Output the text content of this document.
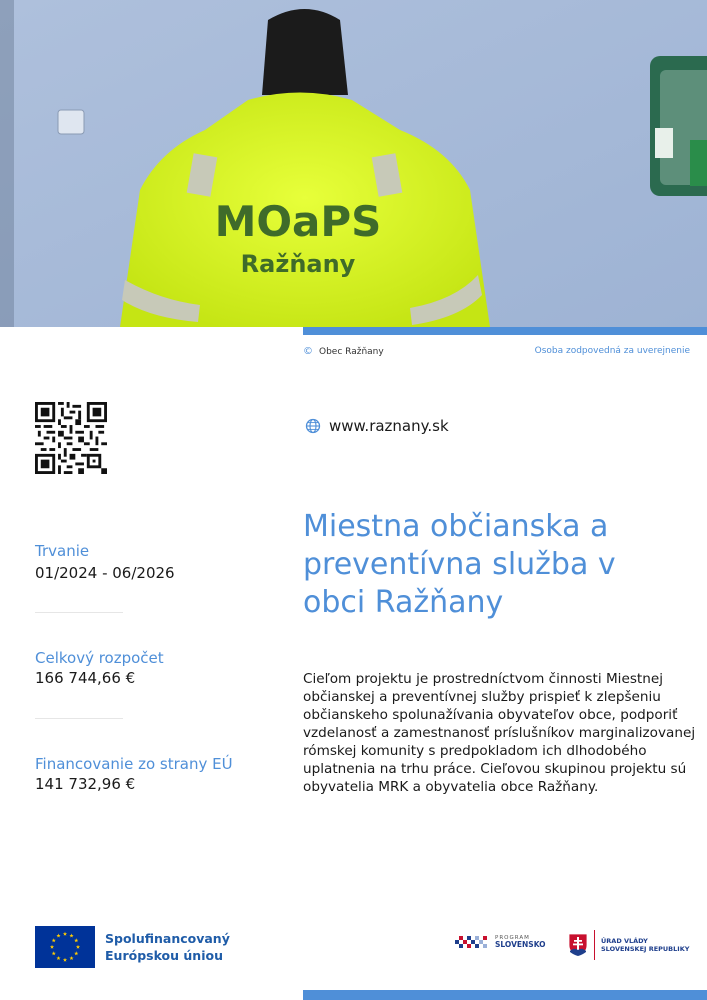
MOaPS
Ražňany
© Obec Ražňany	Osoba zodpovedná za uverejnenie
www.raznany.sk
Miestna občianska a preventívna služba v obci Ražňany

Cieľom projektu je prostredníctvom činnosti Miestnej občianskej a preventívnej služby prispieť k zlepšeniu občianskeho spolunažívania obyvateľov obce, podporiť vzdelanosť a zamestnanosť príslušníkov marginalizovanej rómskej komunity s predpokladom ich dlhodobého uplatnenia na trhu práce. Cieľovou skupinou projektu sú obyvatelia MRK a obyvatelia obce Ražňany.

Trvanie
01/2024 - 06/2026
Celkový rozpočet
166 744,66 €
Financovanie zo strany EÚ
141 732,96 €
Spolufinancovaný
Európskou úniou
PROGRAM
SLOVENSKO	ÚRAD VLÁDY
SLOVENSKEJ REPUBLIKY
